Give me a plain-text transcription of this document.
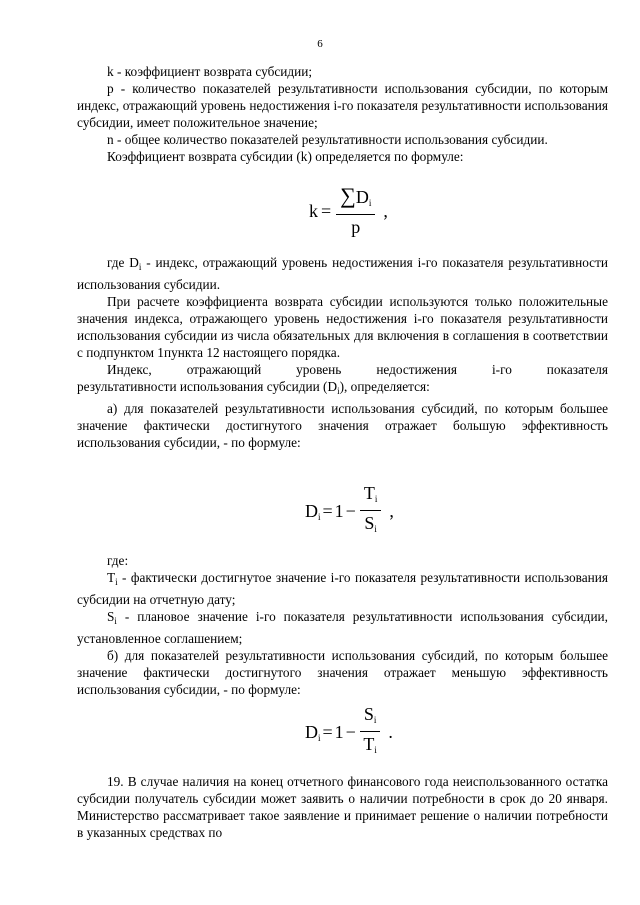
6

k - коэффициент возврата субсидии;

p - количество показателей результативности использования субсидии, по которым индекс, отражающий уровень недостижения i-го показателя результативности использования субсидии, имеет положительное значение;

n - общее количество показателей результативности использования субсидии.

Коэффициент возврата субсидии (k) определяется по формуле:

$k = \frac{\sum D_i}{p}$ ,

где $D_i$ - индекс, отражающий уровень недостижения i-го показателя результативности использования субсидии.

При расчете коэффициента возврата субсидии используются только положительные значения индекса, отражающего уровень недостижения i-го показателя результативности использования субсидии из числа обязательных для включения в соглашения в соответствии с подпунктом 1пункта 12 настоящего порядка.

Индекс, отражающий уровень недостижения i-го показателя
результативности использования субсидии $(D_i)$, определяется:

а) для показателей результативности использования субсидий, по которым большее значение фактически достигнутого значения отражает большую эффективность использования субсидии, - по формуле:

$D_i = 1 - \frac{T_i}{S_i}$ ,

где:

$T_i$ - фактически достигнутое значение i-го показателя результативности использования субсидии на отчетную дату;

$S_i$ - плановое значение i-го показателя результативности использования субсидии, установленное соглашением;

б) для показателей результативности использования субсидий, по которым большее значение фактически достигнутого значения отражает меньшую эффективность использования субсидии, - по формуле:

$D_i = 1 - \frac{S_i}{T_i}$ .

19. В случае наличия на конец отчетного финансового года неиспользованного остатка субсидии получатель субсидии может заявить о наличии потребности в срок до 20 января. Министерство рассматривает такое заявление и принимает решение о наличии потребности в указанных средствах по
